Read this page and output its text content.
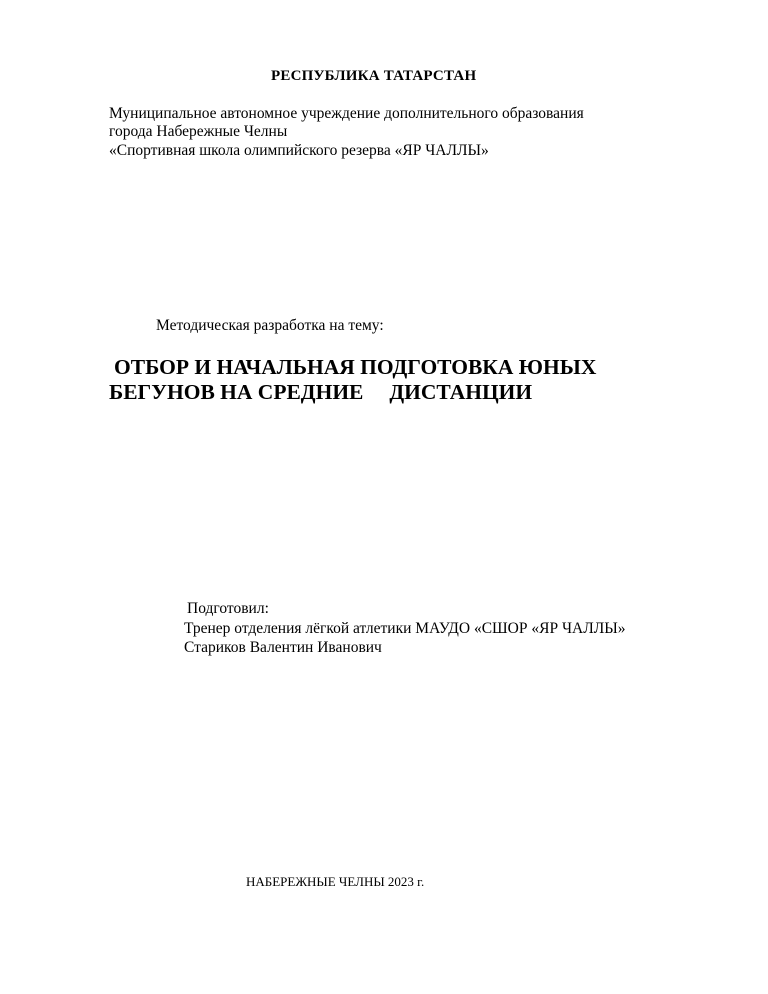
РЕСПУБЛИКА ТАТАРСТАН
Муниципальное автономное учреждение дополнительного образования
города Набережные Челны
«Спортивная школа олимпийского резерва «ЯР ЧАЛЛЫ»
Методическая разработка на тему:
ОТБОР И НАЧАЛЬНАЯ ПОДГОТОВКА ЮНЫХ
БЕГУНОВ НА СРЕДНИЕ ДИСТАНЦИИ
Подготовил:
Тренер отделения лёгкой атлетики МАУДО «СШОР «ЯР ЧАЛЛЫ»
Стариков Валентин Иванович
НАБЕРЕЖНЫЕ ЧЕЛНЫ 2023 г.
